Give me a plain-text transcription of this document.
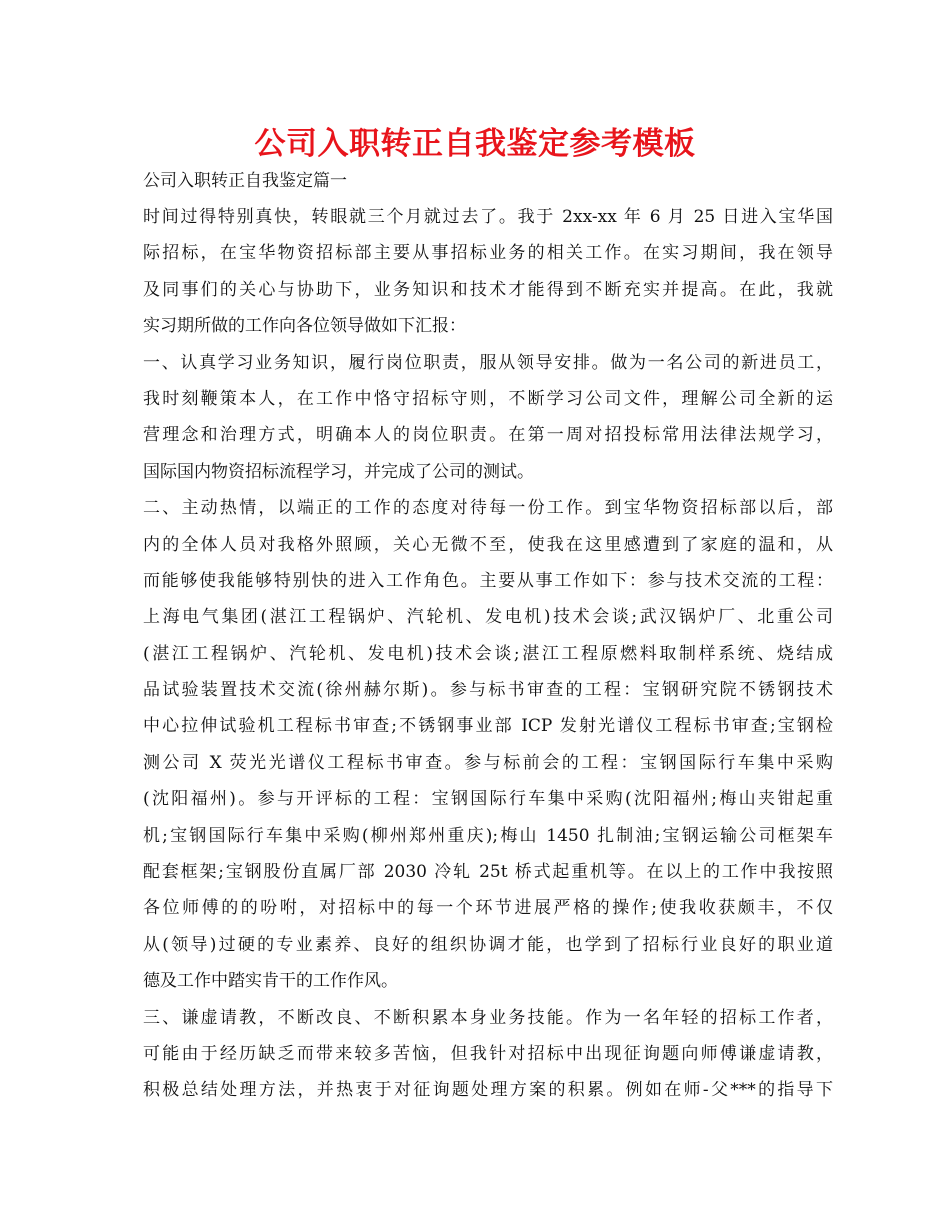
公司入职转正自我鉴定参考模板

公司入职转正自我鉴定篇一

时间过得特别真快，转眼就三个月就过去了。我于 2xx-xx 年 6 月 25 日进入宝华国
际招标，在宝华物资招标部主要从事招标业务的相关工作。在实习期间，我在领导
及同事们的关心与协助下，业务知识和技术才能得到不断充实并提高。在此，我就
实习期所做的工作向各位领导做如下汇报：
一、认真学习业务知识，履行岗位职责，服从领导安排。做为一名公司的新进员工，
我时刻鞭策本人，在工作中恪守招标守则，不断学习公司文件，理解公司全新的运
营理念和治理方式，明确本人的岗位职责。在第一周对招投标常用法律法规学习，
国际国内物资招标流程学习，并完成了公司的测试。
二、主动热情，以端正的工作的态度对待每一份工作。到宝华物资招标部以后，部
内的全体人员对我格外照顾，关心无微不至，使我在这里感遭到了家庭的温和，从
而能够使我能够特别快的进入工作角色。主要从事工作如下：参与技术交流的工程：
上海电气集团(湛江工程锅炉、汽轮机、发电机)技术会谈;武汉锅炉厂、北重公司
(湛江工程锅炉、汽轮机、发电机)技术会谈;湛江工程原燃料取制样系统、烧结成
品试验装置技术交流(徐州赫尔斯)。参与标书审查的工程：宝钢研究院不锈钢技术
中心拉伸试验机工程标书审查;不锈钢事业部 ICP 发射光谱仪工程标书审查;宝钢检
测公司 X 荧光光谱仪工程标书审查。参与标前会的工程：宝钢国际行车集中采购
(沈阳福州)。参与开评标的工程：宝钢国际行车集中采购(沈阳福州;梅山夹钳起重
机;宝钢国际行车集中采购(柳州郑州重庆);梅山 1450 扎制油;宝钢运输公司框架车
配套框架;宝钢股份直属厂部 2030 冷轧 25t 桥式起重机等。在以上的工作中我按照
各位师傅的的吩咐，对招标中的每一个环节进展严格的操作;使我收获颇丰，不仅
从(领导)过硬的专业素养、良好的组织协调才能，也学到了招标行业良好的职业道
德及工作中踏实肯干的工作作风。
三、谦虚请教，不断改良、不断积累本身业务技能。作为一名年轻的招标工作者，
可能由于经历缺乏而带来较多苦恼，但我针对招标中出现征询题向师傅谦虚请教，
积极总结处理方法，并热衷于对征询题处理方案的积累。例如在师-父***的指导下
